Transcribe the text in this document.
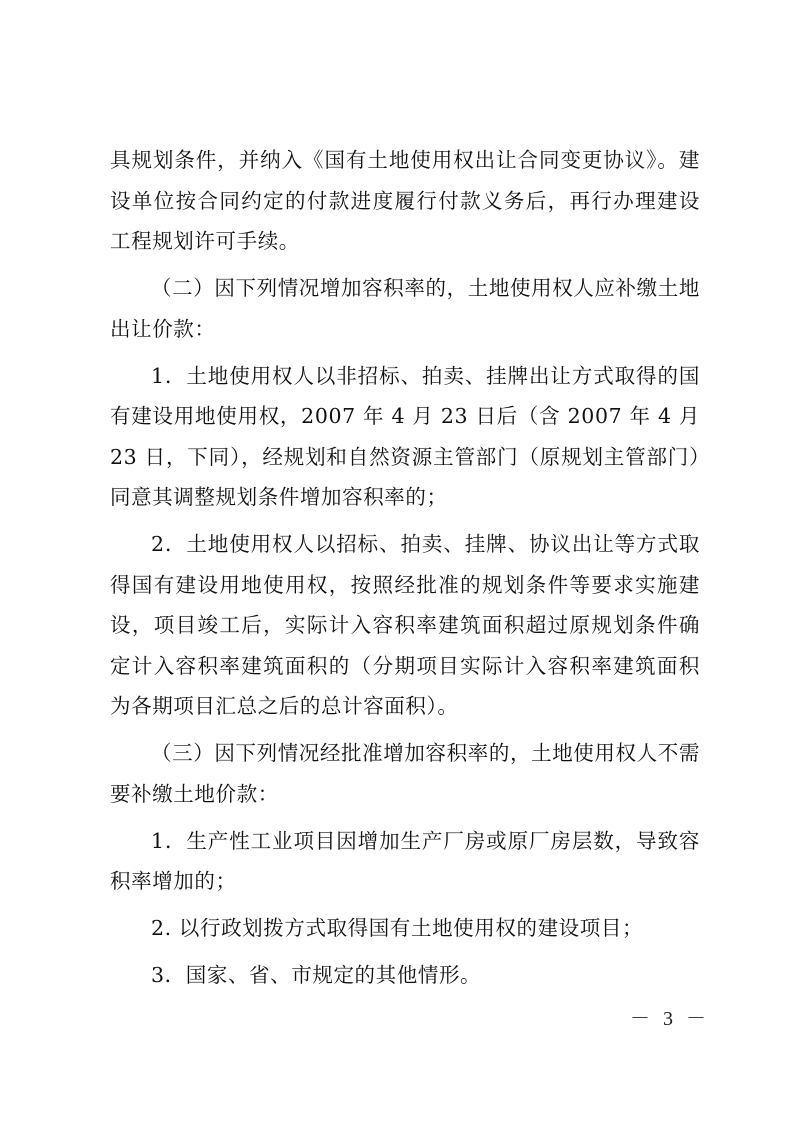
具规划条件，并纳入《国有土地使用权出让合同变更协议》。建设单位按合同约定的付款进度履行付款义务后，再行办理建设工程规划许可手续。

（二）因下列情况增加容积率的，土地使用权人应补缴土地出让价款：

1．土地使用权人以非招标、拍卖、挂牌出让方式取得的国有建设用地使用权，2007 年 4 月 23 日后（含 2007 年 4 月 23 日，下同），经规划和自然资源主管部门（原规划主管部门）同意其调整规划条件增加容积率的；

2．土地使用权人以招标、拍卖、挂牌、协议出让等方式取得国有建设用地使用权，按照经批准的规划条件等要求实施建设，项目竣工后，实际计入容积率建筑面积超过原规划条件确定计入容积率建筑面积的（分期项目实际计入容积率建筑面积为各期项目汇总之后的总计容面积）。

（三）因下列情况经批准增加容积率的，土地使用权人不需要补缴土地价款：

1．生产性工业项目因增加生产厂房或原厂房层数，导致容积率增加的；

2. 以行政划拨方式取得国有土地使用权的建设项目；

3．国家、省、市规定的其他情形。

－ 3 －
